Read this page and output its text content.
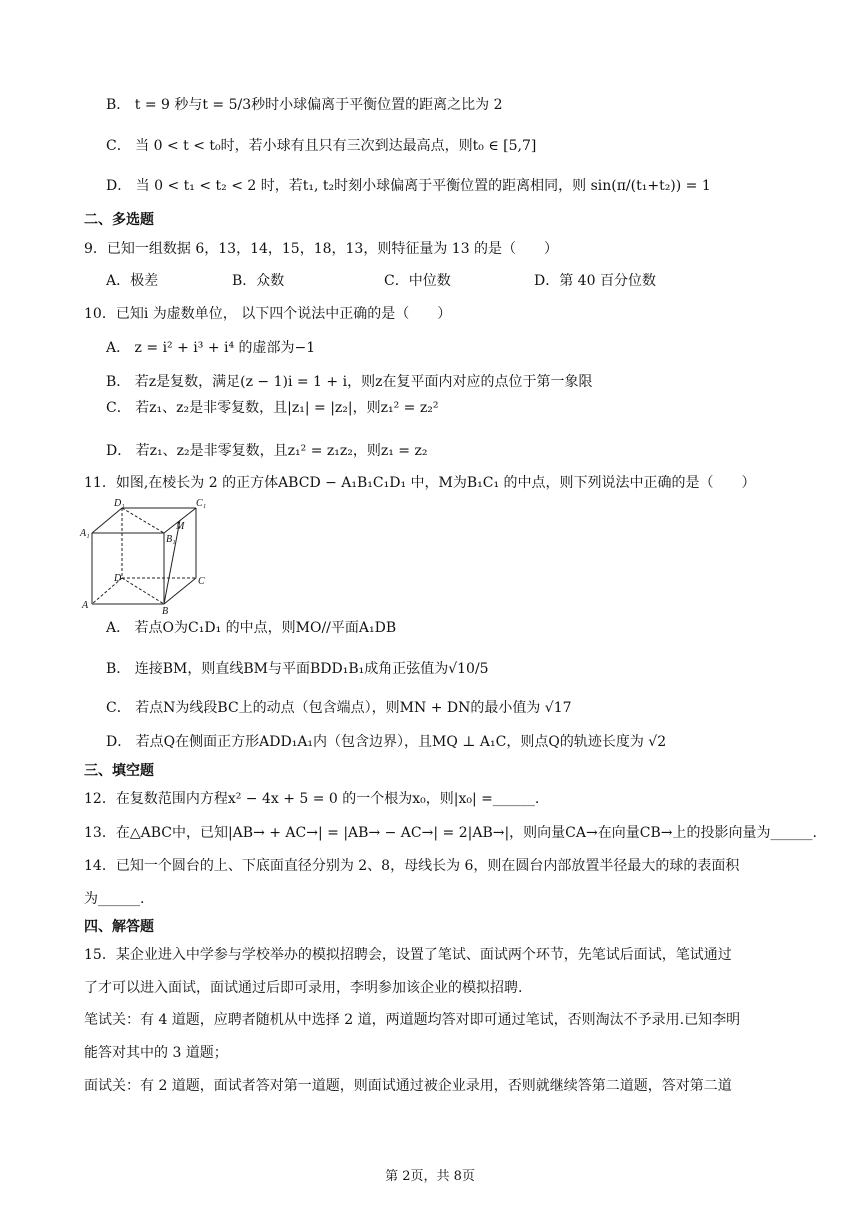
B． t = 9 秒与t = 5/3秒时小球偏离于平衡位置的距离之比为 2
C． 当 0 < t < t₀时，若小球有且只有三次到达最高点，则t₀ ∈ [5,7]
D． 当 0 < t₁ < t₂ < 2 时，若t₁, t₂时刻小球偏离于平衡位置的距离相同，则 sin(π/(t₁+t₂)) = 1
二、多选题
9．已知一组数据 6，13，14，15，18，13，则特征量为 13 的是（　　）
A．极差	B．众数	C．中位数	D．第 40 百分位数
10．已知i 为虚数单位， 以下四个说法中正确的是（　　）
A． z = i² + i³ + i⁴ 的虚部为−1
B． 若z是复数，满足(z − 1)i = 1 + i，则z在复平面内对应的点位于第一象限
C． 若z₁、z₂是非零复数，且|z₁| = |z₂|，则z₁² = z₂²
D． 若z₁、z₂是非零复数，且z₁² = z₁z₂，则z₁ = z₂
11．如图,在棱长为 2 的正方体ABCD − A₁B₁C₁D₁ 中，M为B₁C₁ 的中点，则下列说法中正确的是（　　）
D₁	C₁
M
A₁
B₁
D	C
A
B
A． 若点O为C₁D₁ 的中点，则MO//平面A₁DB
B． 连接BM，则直线BM与平面BDD₁B₁成角正弦值为√10/5
C． 若点N为线段BC上的动点（包含端点），则MN + DN的最小值为 √17
D． 若点Q在侧面正方形ADD₁A₁内（包含边界），且MQ ⊥ A₁C，则点Q的轨迹长度为 √2
三、填空题
12．在复数范围内方程x² − 4x + 5 = 0 的一个根为x₀，则|x₀| =______.
13．在△ABC中，已知|AB→ + AC→| = |AB→ − AC→| = 2|AB→|，则向量CA→在向量CB→上的投影向量为______.
14．已知一个圆台的上、下底面直径分别为 2、8，母线长为 6，则在圆台内部放置半径最大的球的表面积
为______.
四、解答题
15．某企业进入中学参与学校举办的模拟招聘会，设置了笔试、面试两个环节，先笔试后面试，笔试通过
了才可以进入面试，面试通过后即可录用，李明参加该企业的模拟招聘.
笔试关：有 4 道题，应聘者随机从中选择 2 道，两道题均答对即可通过笔试，否则淘汰不予录用.已知李明
能答对其中的 3 道题；
面试关：有 2 道题，面试者答对第一道题，则面试通过被企业录用，否则就继续答第二道题，答对第二道
第 2页，共 8页
